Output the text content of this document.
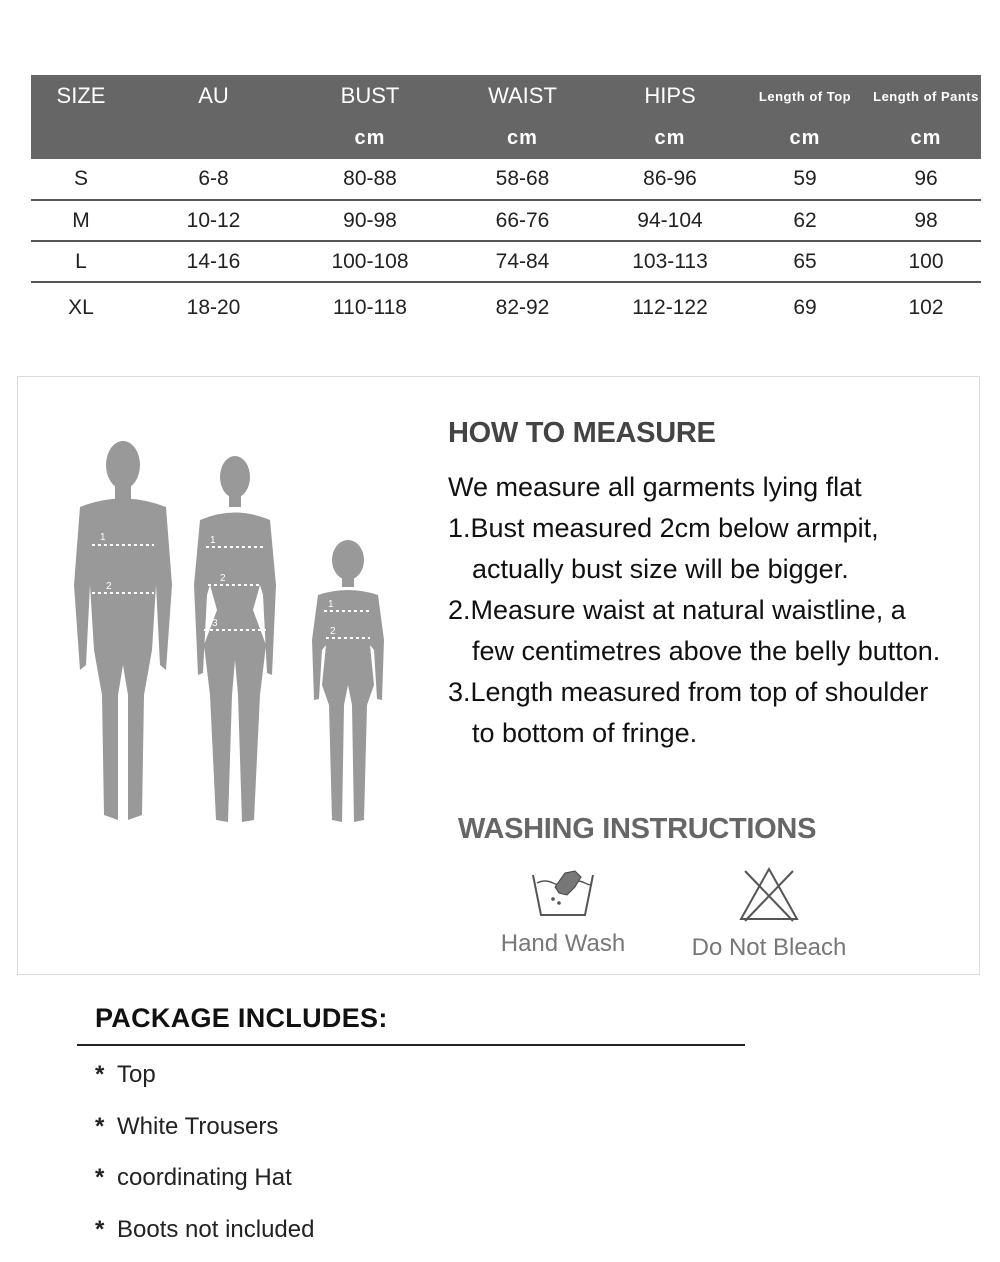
SIZE	AU	BUST	WAIST	HIPS	Length of Top	Length of Pants
		cm	cm	cm	cm	cm
S	6-8	80-88	58-68	86-96	59	96
M	10-12	90-98	66-76	94-104	62	98
L	14-16	100-108	74-84	103-113	65	100
XL	18-20	110-118	82-92	112-122	69	102
1
2
1
2
3
1
2
HOW TO MEASURE
We measure all garments lying flat
1.Bust measured 2cm below armpit,
actually bust size will be bigger.
2.Measure waist at natural waistline, a
few centimetres above the belly button.
3.Length measured from top of shoulder
to bottom of fringe.
WASHING INSTRUCTIONS
Hand Wash	Do Not Bleach
PACKAGE INCLUDES:
* Top
* White Trousers
* coordinating Hat
* Boots not included
